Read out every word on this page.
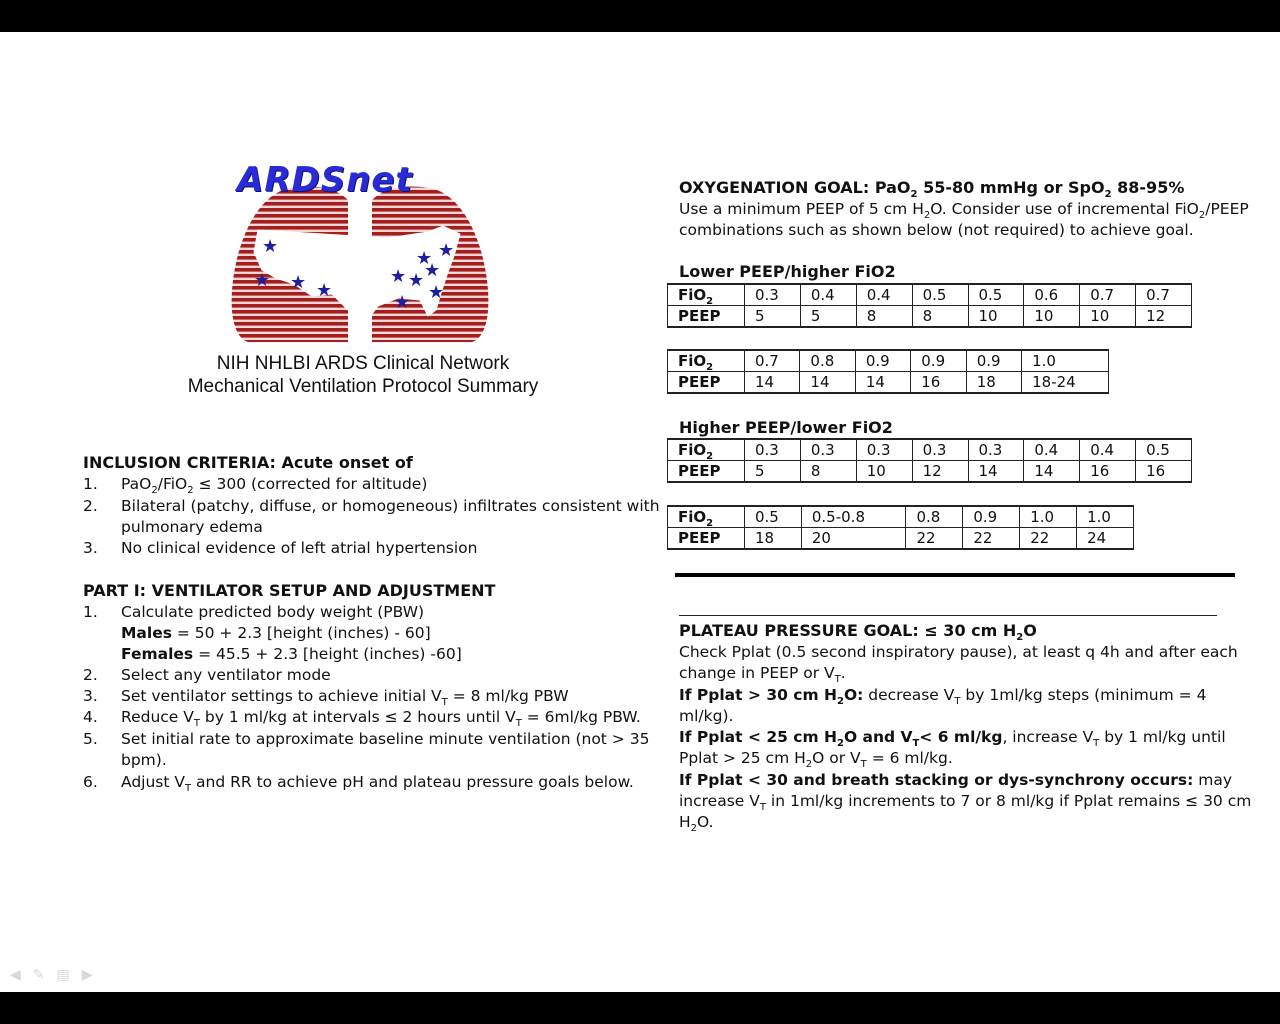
★
★ ★ ★
★
★ ★ ★
★
★
★
ARDSnet
NIH NHLBI ARDS Clinical Network
Mechanical Ventilation Protocol Summary
INCLUSION CRITERIA: Acute onset of
1. PaO$_2$/FiO$_2$ ≤ 300 (corrected for altitude)
2. Bilateral (patchy, diffuse, or homogeneous) infiltrates consistent with
pulmonary edema
3. No clinical evidence of left atrial hypertension
PART I: VENTILATOR SETUP AND ADJUSTMENT
1. Calculate predicted body weight (PBW)
Males = 50 + 2.3 [height (inches) - 60]
Females = 45.5 + 2.3 [height (inches) -60]
2. Select any ventilator mode
3. Set ventilator settings to achieve initial $V_T = 8$ ml/kg PBW
4. Reduce $V_T$ by 1 ml/kg at intervals ≤ 2 hours until $V_T = 6ml/kg$ PBW.
5. Set initial rate to approximate baseline minute ventilation (not > 35
bpm).
6. Adjust $V_T$ and RR to achieve pH and plateau pressure goals below.
OXYGENATION GOAL: PaO$_2$ 55-80 mmHg or SpO$_2$ 88-95%
Use a minimum PEEP of 5 cm $H_2O$. Consider use of incremental FiO$_2$/PEEP
combinations such as shown below (not required) to achieve goal.
Lower PEEP/higher FiO2
FiO$_2$	0.3	0.4	0.4	0.5	0.5	0.6	0.7	0.7
PEEP	5	5	8	8	10	10	10	12
FiO$_2$	0.7	0.8	0.9	0.9	0.9	1.0
PEEP	14	14	14	16	18	18-24
Higher PEEP/lower FiO2
FiO$_2$	0.3	0.3	0.3	0.3	0.3	0.4	0.4	0.5
PEEP	5	8	10	12	14	14	16	16
FiO$_2$	0.5	0.5-0.8	0.8	0.9	1.0	1.0
PEEP	18	20	22	22	22	24
PLATEAU PRESSURE GOAL: ≤ 30 cm $H_2O$
Check Pplat (0.5 second inspiratory pause), at least q 4h and after each
change in PEEP or $V_T$.
If Pplat > 30 cm $H_2O$: decrease $V_T$ by 1ml/kg steps (minimum = 4
ml/kg).
If Pplat < 25 cm $H_2O$ and $V_T< 6$ ml/kg, increase $V_T$ by 1 ml/kg until
Pplat > 25 cm $H_2O$ or $V_T = 6$ ml/kg.
If Pplat < 30 and breath stacking or dys-synchrony occurs: may
increase $V_T$ in 1ml/kg increments to 7 or 8 ml/kg if Pplat remains ≤ 30 cm
$H_2O$.
◀✎▤▶
